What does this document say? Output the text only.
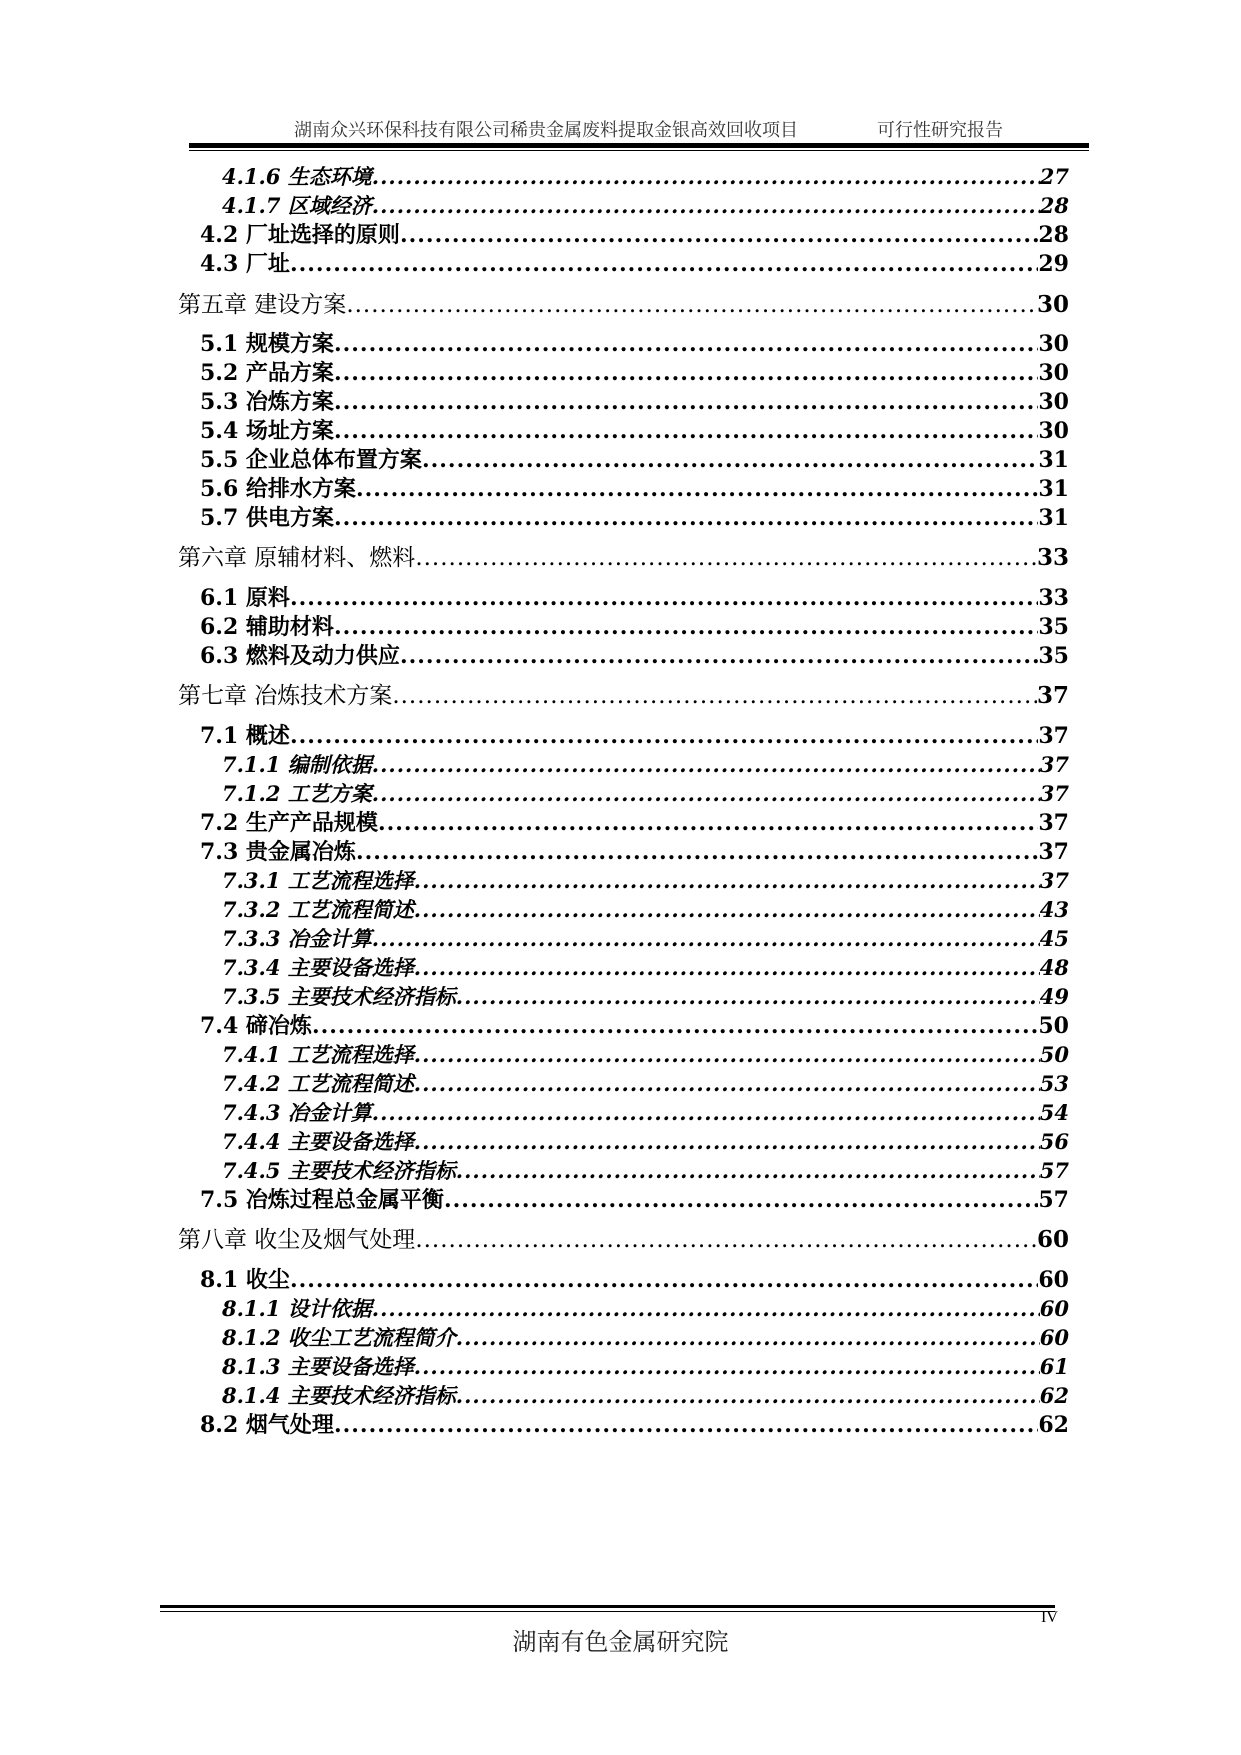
湖南众兴环保科技有限公司稀贵金属废料提取金银高效回收项目	可行性研究报告
4.1.6 生态环境 .....	27
4.1.7 区域经济 .....	28
4.2 厂址选择的原则 .....	28
4.3 厂址 .....	29
第五章 建设方案 .....	30
5.1 规模方案 .....	30
5.2 产品方案 .....	30
5.3 冶炼方案 .....	30
5.4 场址方案 .....	30
5.5 企业总体布置方案 .....	31
5.6 给排水方案 .....	31
5.7 供电方案 .....	31
第六章 原辅材料、燃料 .....	33
6.1 原料 .....	33
6.2 辅助材料 .....	35
6.3 燃料及动力供应 .....	35
第七章 冶炼技术方案 .....	37
7.1 概述 .....	37
7.1.1 编制依据 .....	37
7.1.2 工艺方案 .....	37
7.2 生产产品规模 .....	37
7.3 贵金属冶炼 .....	37
7.3.1 工艺流程选择 .....	37
7.3.2 工艺流程简述 .....	43
7.3.3 冶金计算 .....	45
7.3.4 主要设备选择 .....	48
7.3.5 主要技术经济指标 .....	49
7.4 碲冶炼 .....	50
7.4.1 工艺流程选择 .....	50
7.4.2 工艺流程简述 .....	53
7.4.3 冶金计算 .....	54
7.4.4 主要设备选择 .....	56
7.4.5 主要技术经济指标 .....	57
7.5 冶炼过程总金属平衡 .....	57
第八章 收尘及烟气处理 .....	60
8.1 收尘 .....	60
8.1.1 设计依据 .....	60
8.1.2 收尘工艺流程简介 .....	60
8.1.3 主要设备选择 .....	61
8.1.4 主要技术经济指标 .....	62
8.2 烟气处理 .....	62
IV
湖南有色金属研究院
